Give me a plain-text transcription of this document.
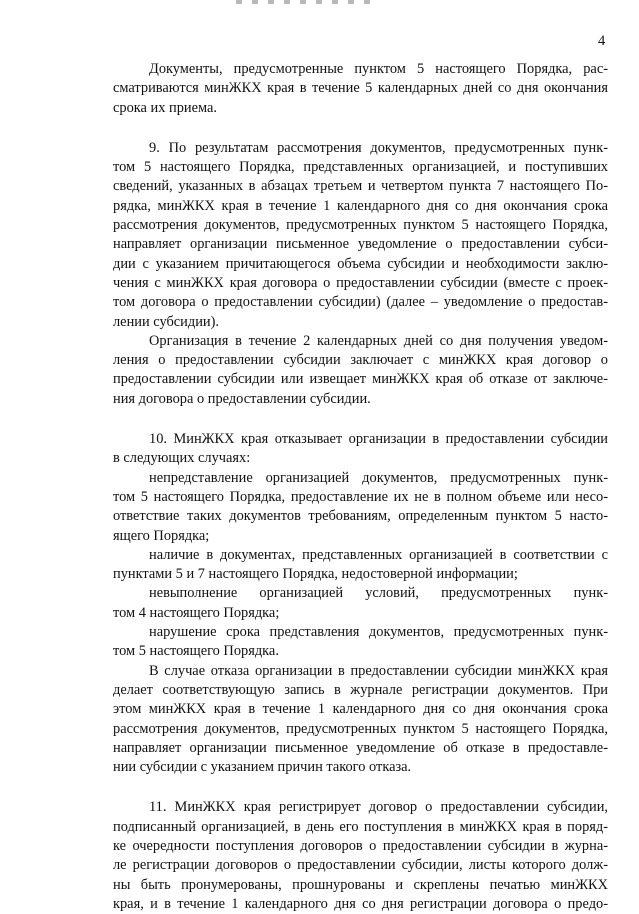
4
Документы, предусмотренные пунктом 5 настоящего Порядка, рас-
сматриваются минЖКХ края в течение 5 календарных дней со дня окончания
срока их приема.
9. По результатам рассмотрения документов, предусмотренных пунк-
том 5 настоящего Порядка, представленных организацией, и поступивших
сведений, указанных в абзацах третьем и четвертом пункта 7 настоящего По-
рядка, минЖКХ края в течение 1 календарного дня со дня окончания срока
рассмотрения документов, предусмотренных пунктом 5 настоящего Порядка,
направляет организации письменное уведомление о предоставлении субси-
дии с указанием причитающегося объема субсидии и необходимости заклю-
чения с минЖКХ края договора о предоставлении субсидии (вместе с проек-
том договора о предоставлении субсидии) (далее – уведомление о предостав-
лении субсидии).
Организация в течение 2 календарных дней со дня получения уведом-
ления о предоставлении субсидии заключает с минЖКХ края договор о
предоставлении субсидии или извещает минЖКХ края об отказе от заключе-
ния договора о предоставлении субсидии.
10. МинЖКХ края отказывает организации в предоставлении субсидии
в следующих случаях:
непредставление организацией документов, предусмотренных пунк-
том 5 настоящего Порядка, предоставление их не в полном объеме или несо-
ответствие таких документов требованиям, определенным пунктом 5 насто-
ящего Порядка;
наличие в документах, представленных организацией в соответствии с
пунктами 5 и 7 настоящего Порядка, недостоверной информации;
невыполнение организацией условий, предусмотренных пунк-
том 4 настоящего Порядка;
нарушение срока представления документов, предусмотренных пунк-
том 5 настоящего Порядка.
В случае отказа организации в предоставлении субсидии минЖКХ края
делает соответствующую запись в журнале регистрации документов. При
этом минЖКХ края в течение 1 календарного дня со дня окончания срока
рассмотрения документов, предусмотренных пунктом 5 настоящего Порядка,
направляет организации письменное уведомление об отказе в предоставле-
нии субсидии с указанием причин такого отказа.
11. МинЖКХ края регистрирует договор о предоставлении субсидии,
подписанный организацией, в день его поступления в минЖКХ края в поряд-
ке очередности поступления договоров о предоставлении субсидии в журна-
ле регистрации договоров о предоставлении субсидии, листы которого долж-
ны быть пронумерованы, прошнурованы и скреплены печатью минЖКХ
края, и в течение 1 календарного дня со дня регистрации договора о предо-
